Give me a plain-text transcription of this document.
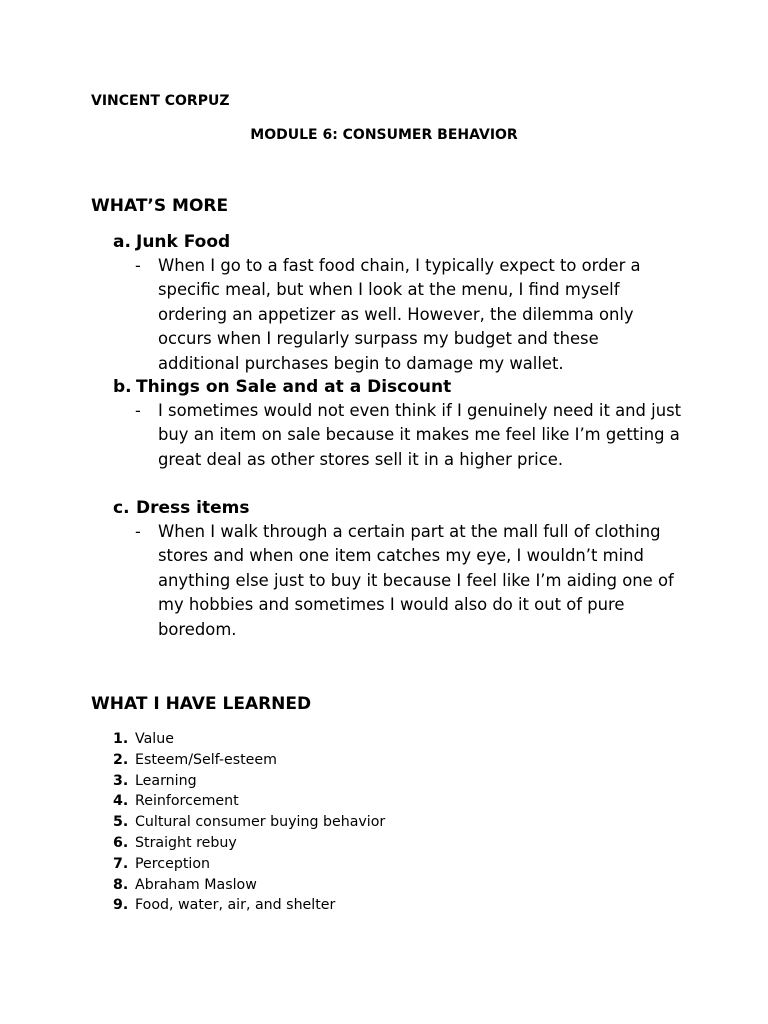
VINCENT CORPUZ
MODULE 6: CONSUMER BEHAVIOR
WHAT’S MORE
a. Junk Food
- When I go to a fast food chain, I typically expect to order a specific meal, but when I look at the menu, I find myself ordering an appetizer as well. However, the dilemma only occurs when I regularly surpass my budget and these additional purchases begin to damage my wallet.
b. Things on Sale and at a Discount
- I sometimes would not even think if I genuinely need it and just buy an item on sale because it makes me feel like I’m getting a great deal as other stores sell it in a higher price.
c. Dress items
- When I walk through a certain part at the mall full of clothing stores and when one item catches my eye, I wouldn’t mind anything else just to buy it because I feel like I’m aiding one of my hobbies and sometimes I would also do it out of pure boredom.
WHAT I HAVE LEARNED
1. Value
2. Esteem/Self-esteem
3. Learning
4. Reinforcement
5. Cultural consumer buying behavior
6. Straight rebuy
7. Perception
8. Abraham Maslow
9. Food, water, air, and shelter
